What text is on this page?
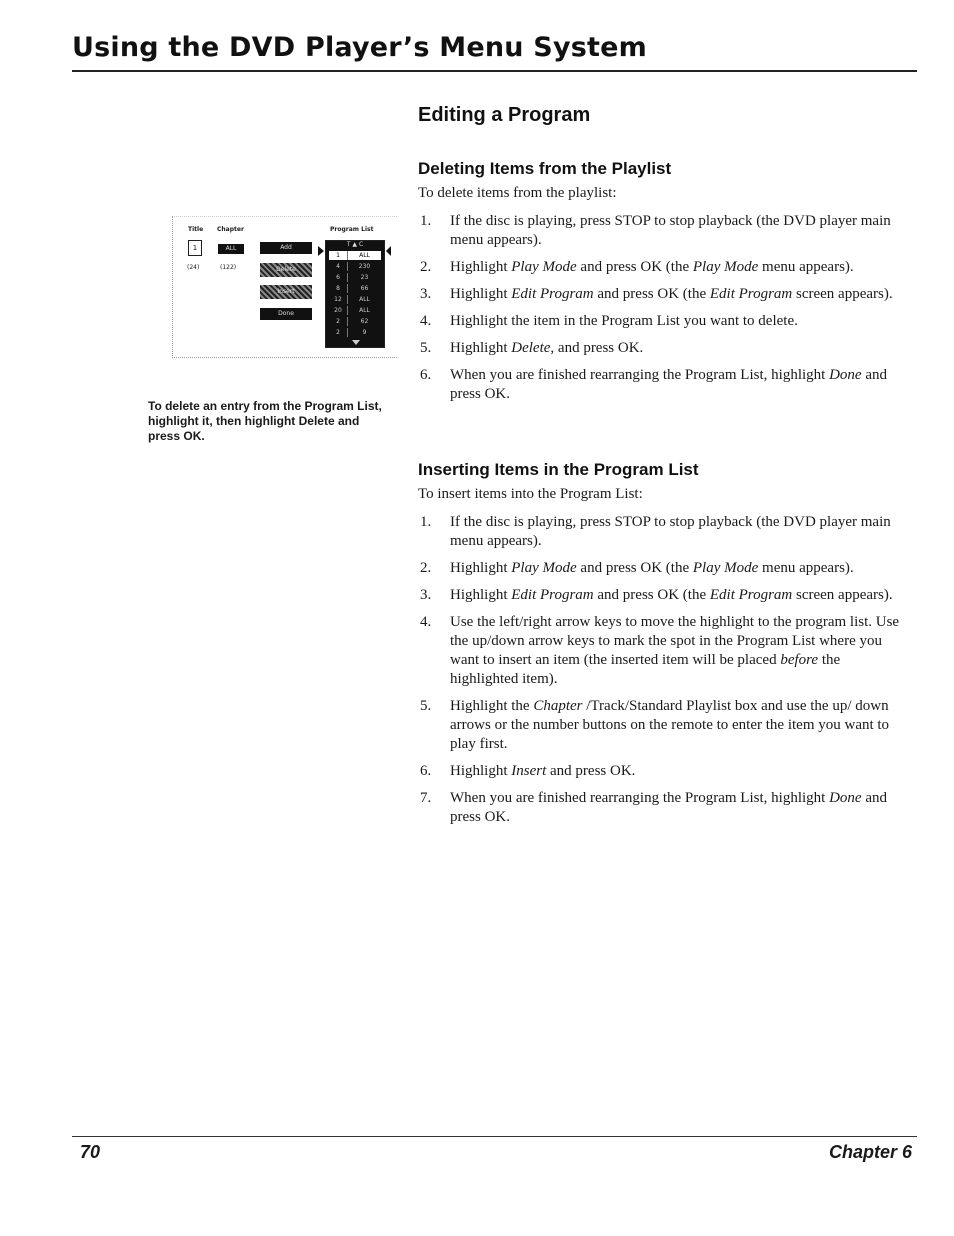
Using the DVD Player’s Menu System
Editing a Program
Deleting Items from the Playlist
To delete items from the playlist:
1. If the disc is playing, press STOP to stop playback (the DVD player main menu appears).
2. Highlight Play Mode and press OK (the Play Mode menu appears).
3. Highlight Edit Program and press OK (the Edit Program screen appears).
4. Highlight the item in the Program List you want to delete.
5. Highlight Delete, and press OK.
6. When you are finished rearranging the Program List, highlight Done and press OK.
Inserting Items in the Program List
To insert items into the Program List:
1. If the disc is playing, press STOP to stop playback (the DVD player main menu appears).
2. Highlight Play Mode and press OK (the Play Mode menu appears).
3. Highlight Edit Program and press OK (the Edit Program screen appears).
4. Use the left/right arrow keys to move the highlight to the program list. Use the up/down arrow keys to mark the spot in the Program List where you want to insert an item (the inserted item will be placed before the highlighted item).
5. Highlight the Chapter /Track/Standard Playlist box and use the up/ down arrows or the number buttons on the remote to enter the item you want to play first.
6. Highlight Insert and press OK.
7. When you are finished rearranging the Program List, highlight Done and press OK.
Title Chapter	Program List
1	ALL
(24)	(122)
Add
Delete
Insert
Done
T ▲ C
1	ALL
4	230
6	23
8	66
12	ALL
20	ALL
2	62
2	9

To delete an entry from the Program List, highlight it, then highlight Delete and press OK.

70	Chapter 6
